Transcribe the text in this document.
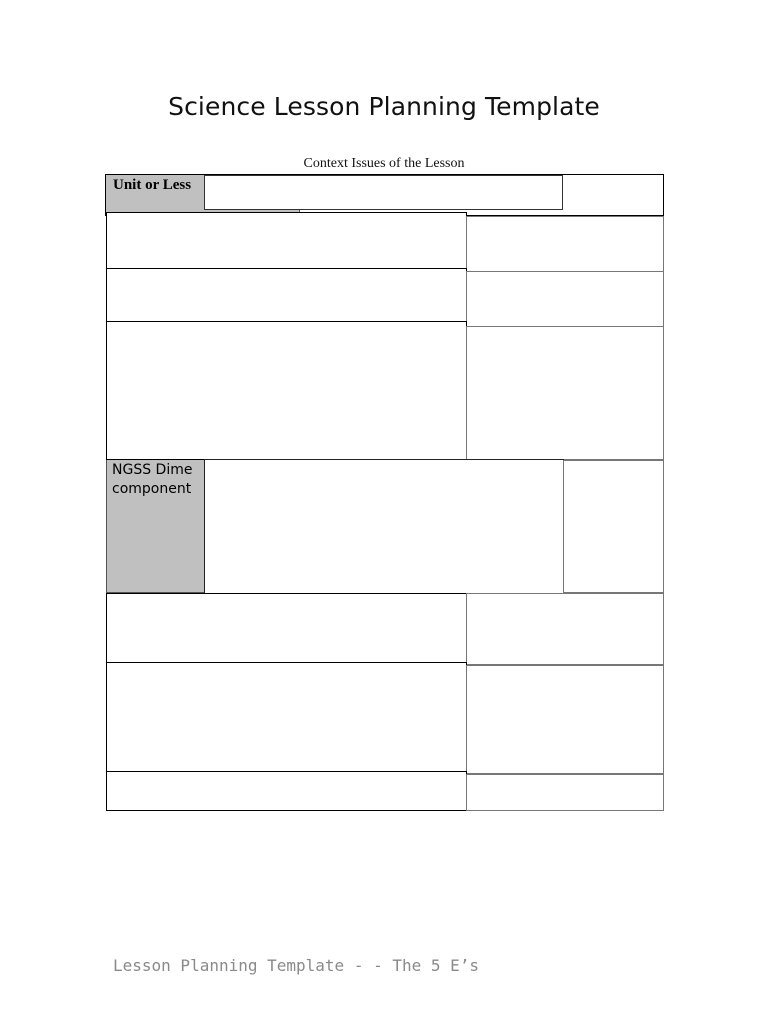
Science Lesson Planning Template
Context Issues of the Lesson
Unit or Less
NGSS Dime
component
Lesson Planning Template - - The 5 E’s
